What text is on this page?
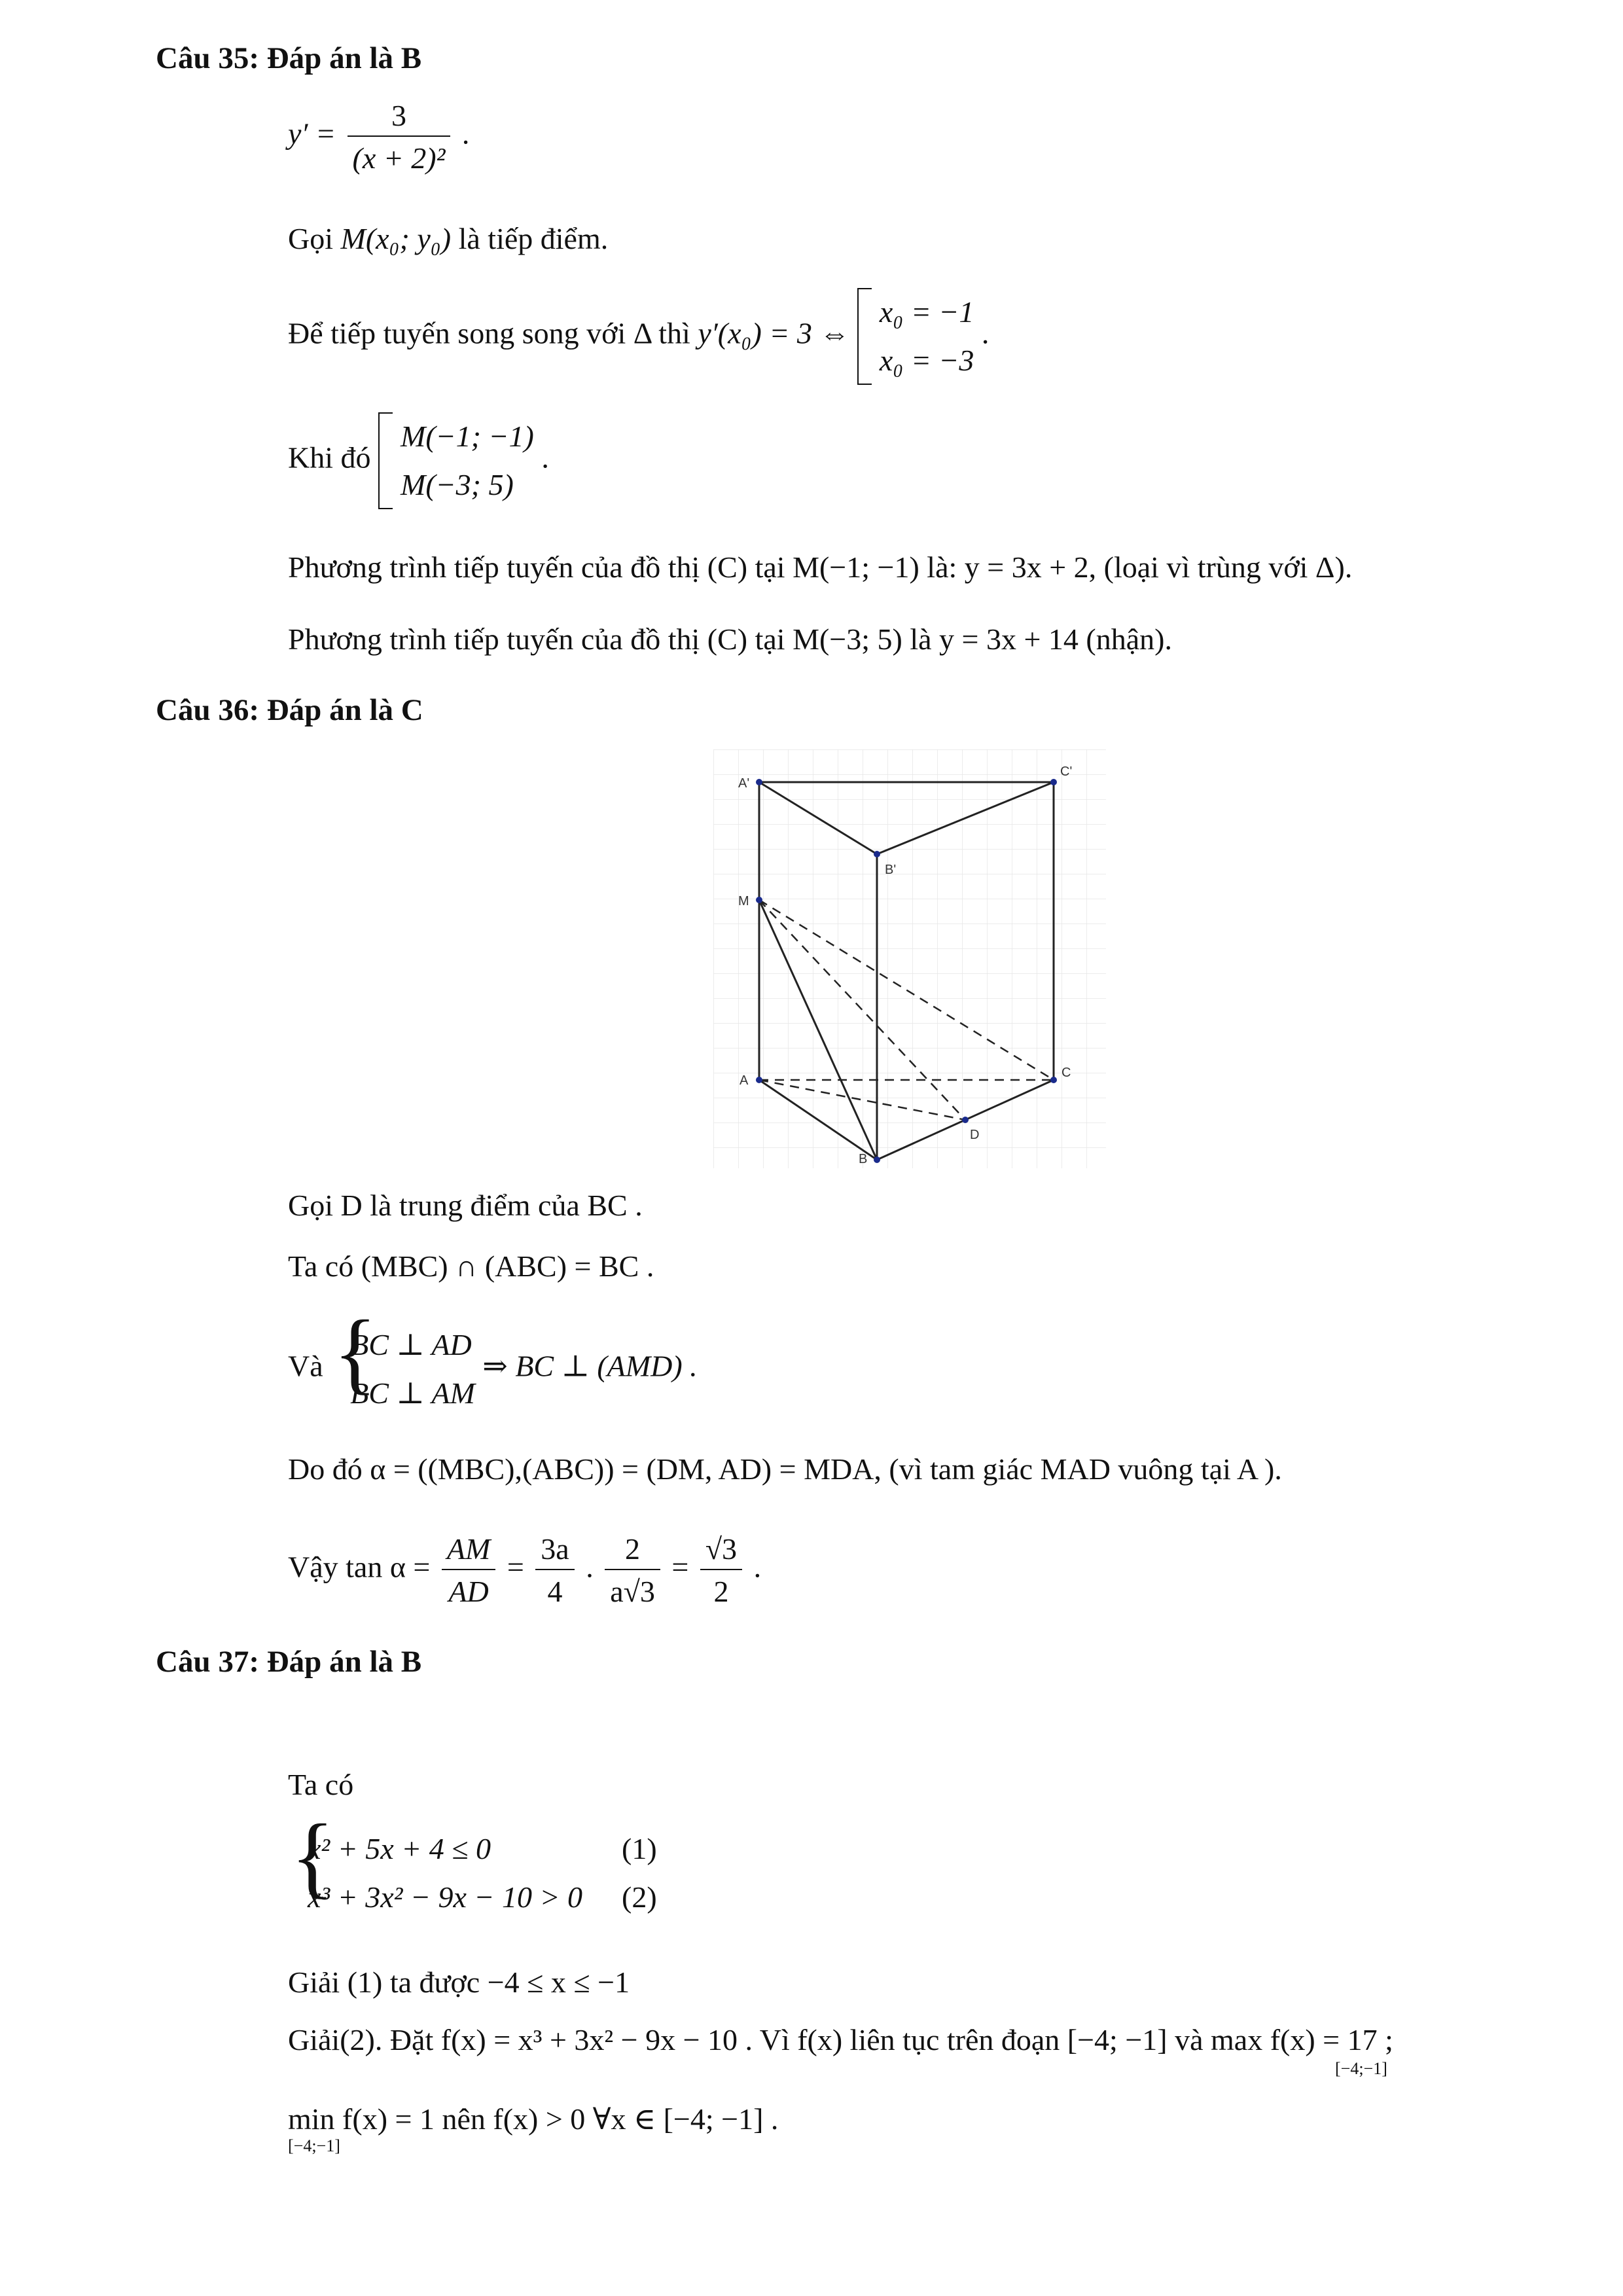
Câu 35: Đáp án là B
$y' = \frac{3}{\text{(x + 2)²}}$ .
Gọi M(x₀; y₀) là tiếp điểm.
Để tiếp tuyến song song với Δ thì y′(x₀) = 3 ⇔
x₀ = −1
x₀ = −3
.
Khi đó
M(−1; −1)
M(−3; 5)
.
Phương trình tiếp tuyến của đồ thị (C) tại M(−1; −1) là: y = 3x + 2, (loại vì trùng với Δ).
Phương trình tiếp tuyến của đồ thị (C) tại M(−3; 5) là y = 3x + 14 (nhận).
Câu 36: Đáp án là C
A'
C'
B'
M
A
C
D
B
Gọi D là trung điểm của BC .
Ta có (MBC) ∩ (ABC) = BC .
Và {
BC ⊥ AD
BC ⊥ AM
⇒ BC ⊥ (AMD) .
Do đó α = ((MBC),(ABC)) = (DM, AD) = MDA, (vì tam giác MAD vuông tại A ).
Vậy $\tan \alpha = \frac{AM}{AD} = \frac{3a}{4}$ . $\frac{2}{a√3} = \frac{√3}{2}$ .
Câu 37: Đáp án là B
Ta có
{
x² + 5x + 4 ≤ 0	(1)
x³ + 3x² − 9x − 10 > 0 (2)
Giải (1) ta được −4 ≤ x ≤ −1
Giải(2). Đặt f(x) = x³ + 3x² − 9x − 10 . Vì f(x) liên tục trên đoạn [−4; −1] và max f(x) = 17 ;
[−4;−1]
min f(x) = 1 nên f(x) > 0 ∀x ∈ [−4; −1] .
[−4;−1]
